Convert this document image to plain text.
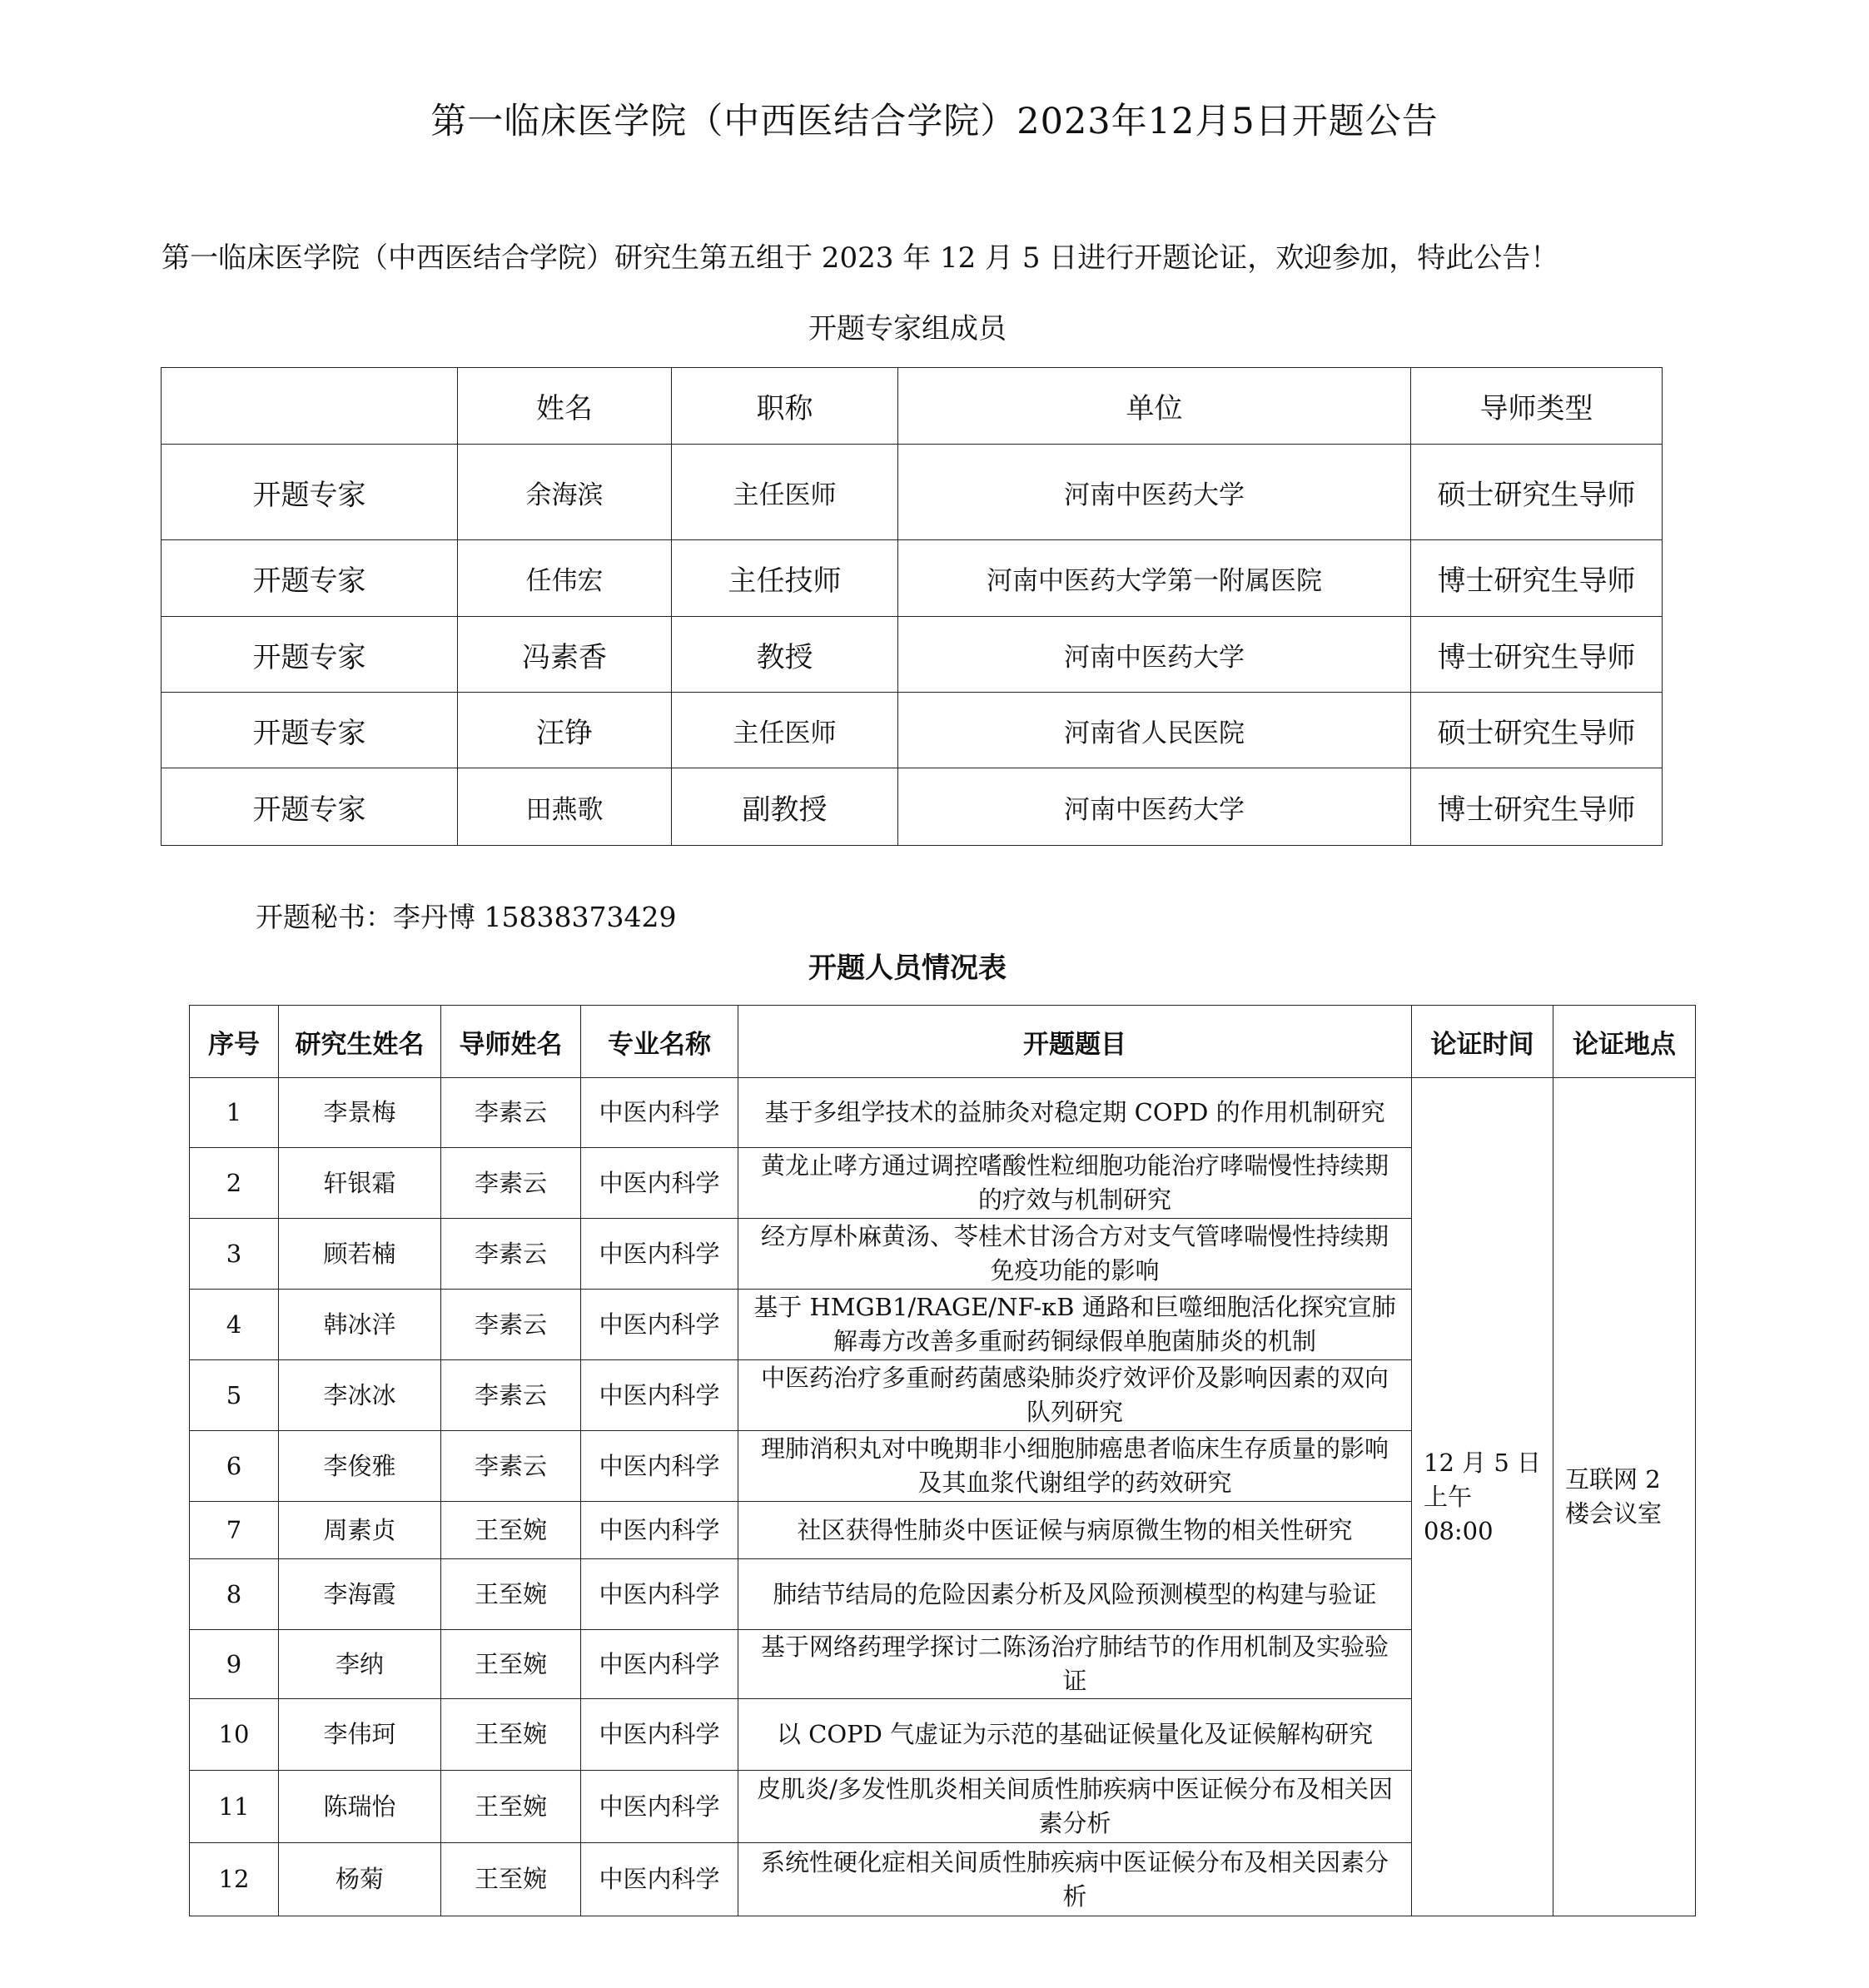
第一临床医学院（中西医结合学院）2023年12月5日开题公告
第一临床医学院（中西医结合学院）研究生第五组于 2023 年 12 月 5 日进行开题论证，欢迎参加，特此公告！
开题专家组成员
	姓名	职称	单位	导师类型
开题专家	余海滨	主任医师	河南中医药大学	硕士研究生导师
开题专家	任伟宏	主任技师	河南中医药大学第一附属医院	博士研究生导师
开题专家	冯素香	教授	河南中医药大学	博士研究生导师
开题专家	汪铮	主任医师	河南省人民医院	硕士研究生导师
开题专家	田燕歌	副教授	河南中医药大学	博士研究生导师
开题秘书：李丹博 15838373429
开题人员情况表
序号	研究生姓名	导师姓名	专业名称	开题题目	论证时间	论证地点
1	李景梅	李素云	中医内科学	基于多组学技术的益肺灸对稳定期 COPD 的作用机制研究	12 月 5 日上午 08:00	互联网 2 楼会议室
2	轩银霜	李素云	中医内科学	黄龙止哮方通过调控嗜酸性粒细胞功能治疗哮喘慢性持续期的疗效与机制研究		
3	顾若楠	李素云	中医内科学	经方厚朴麻黄汤、苓桂术甘汤合方对支气管哮喘慢性持续期免疫功能的影响		
4	韩冰洋	李素云	中医内科学	基于 HMGB1/RAGE/NF-κB 通路和巨噬细胞活化探究宣肺解毒方改善多重耐药铜绿假单胞菌肺炎的机制		
5	李冰冰	李素云	中医内科学	中医药治疗多重耐药菌感染肺炎疗效评价及影响因素的双向队列研究		
6	李俊雅	李素云	中医内科学	理肺消积丸对中晚期非小细胞肺癌患者临床生存质量的影响及其血浆代谢组学的药效研究		
7	周素贞	王至婉	中医内科学	社区获得性肺炎中医证候与病原微生物的相关性研究		
8	李海霞	王至婉	中医内科学	肺结节结局的危险因素分析及风险预测模型的构建与验证		
9	李纳	王至婉	中医内科学	基于网络药理学探讨二陈汤治疗肺结节的作用机制及实验验证		
10	李伟珂	王至婉	中医内科学	以 COPD 气虚证为示范的基础证候量化及证候解构研究		
11	陈瑞怡	王至婉	中医内科学	皮肌炎/多发性肌炎相关间质性肺疾病中医证候分布及相关因素分析		
12	杨菊	王至婉	中医内科学	系统性硬化症相关间质性肺疾病中医证候分布及相关因素分析		
